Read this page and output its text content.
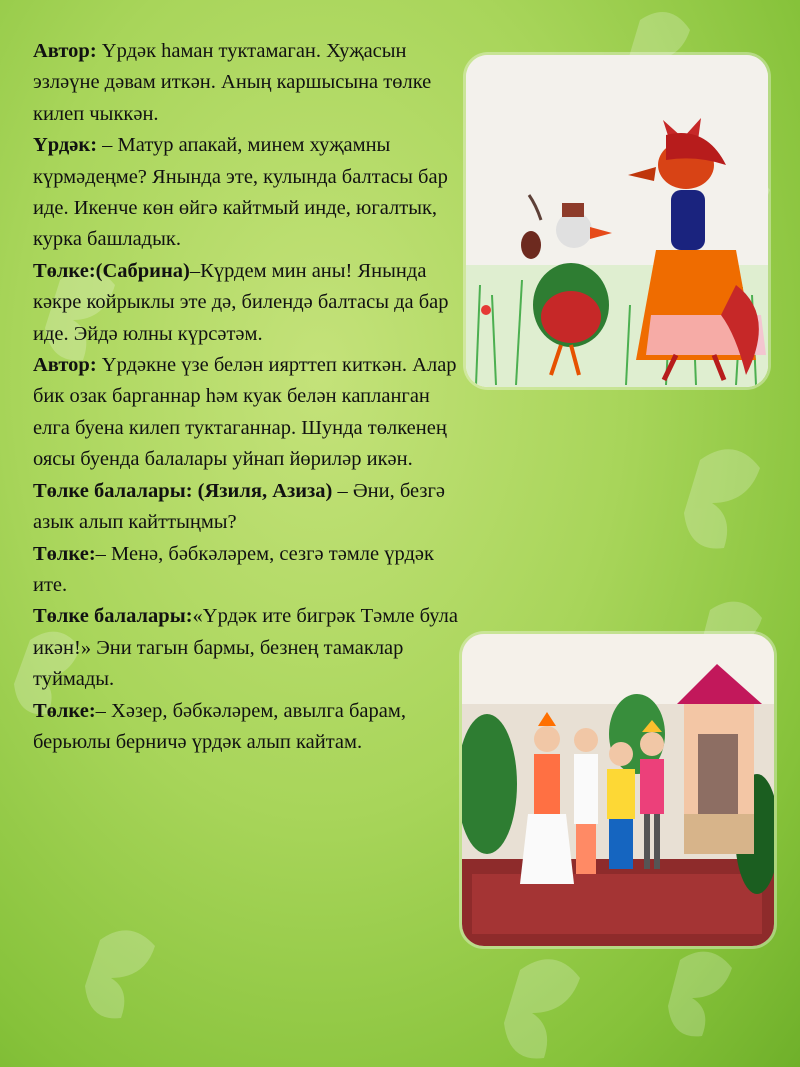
Автор: Үрдәк һаман туктамаган. Хуҗасын эзләүне дәвам иткән. Аның каршысына төлке килеп чыккән.

Үрдәк: – Матур апакай, минем хуҗамны күрмәдеңме? Янында эте, кулында балтасы бар иде. Икенче көн өйгә кайтмый инде, югалтык, курка башладык.

Төлке:(Сабрина)–Күрдем мин аны! Янында кәкре койрыклы эте дә, билендә балтасы да бар иде. Эйдә юлны күрсәтәм.

Автор: Үрдәкне үзе белән иярттеп киткән. Алар бик озак барганнар һәм куак белән капланган елга буена килеп туктаганнар. Шунда төлкенең оясы буенда балалары уйнап йөриләр икән.

Төлке балалары: (Язиля, Азиза) – Әни, безгә азык алып кайттыңмы?

Төлке:– Менә, бәбкәләрем, сезгә тәмле үрдәк ите.

Төлке балалары:«Үрдәк ите бигрәк Тәмле була икән!» Эни тагын бармы, безнең тамаклар туймады.

Төлке:– Хәзер, бәбкәләрем, авылга барам, берьюлы берничә үрдәк алып кайтам.
